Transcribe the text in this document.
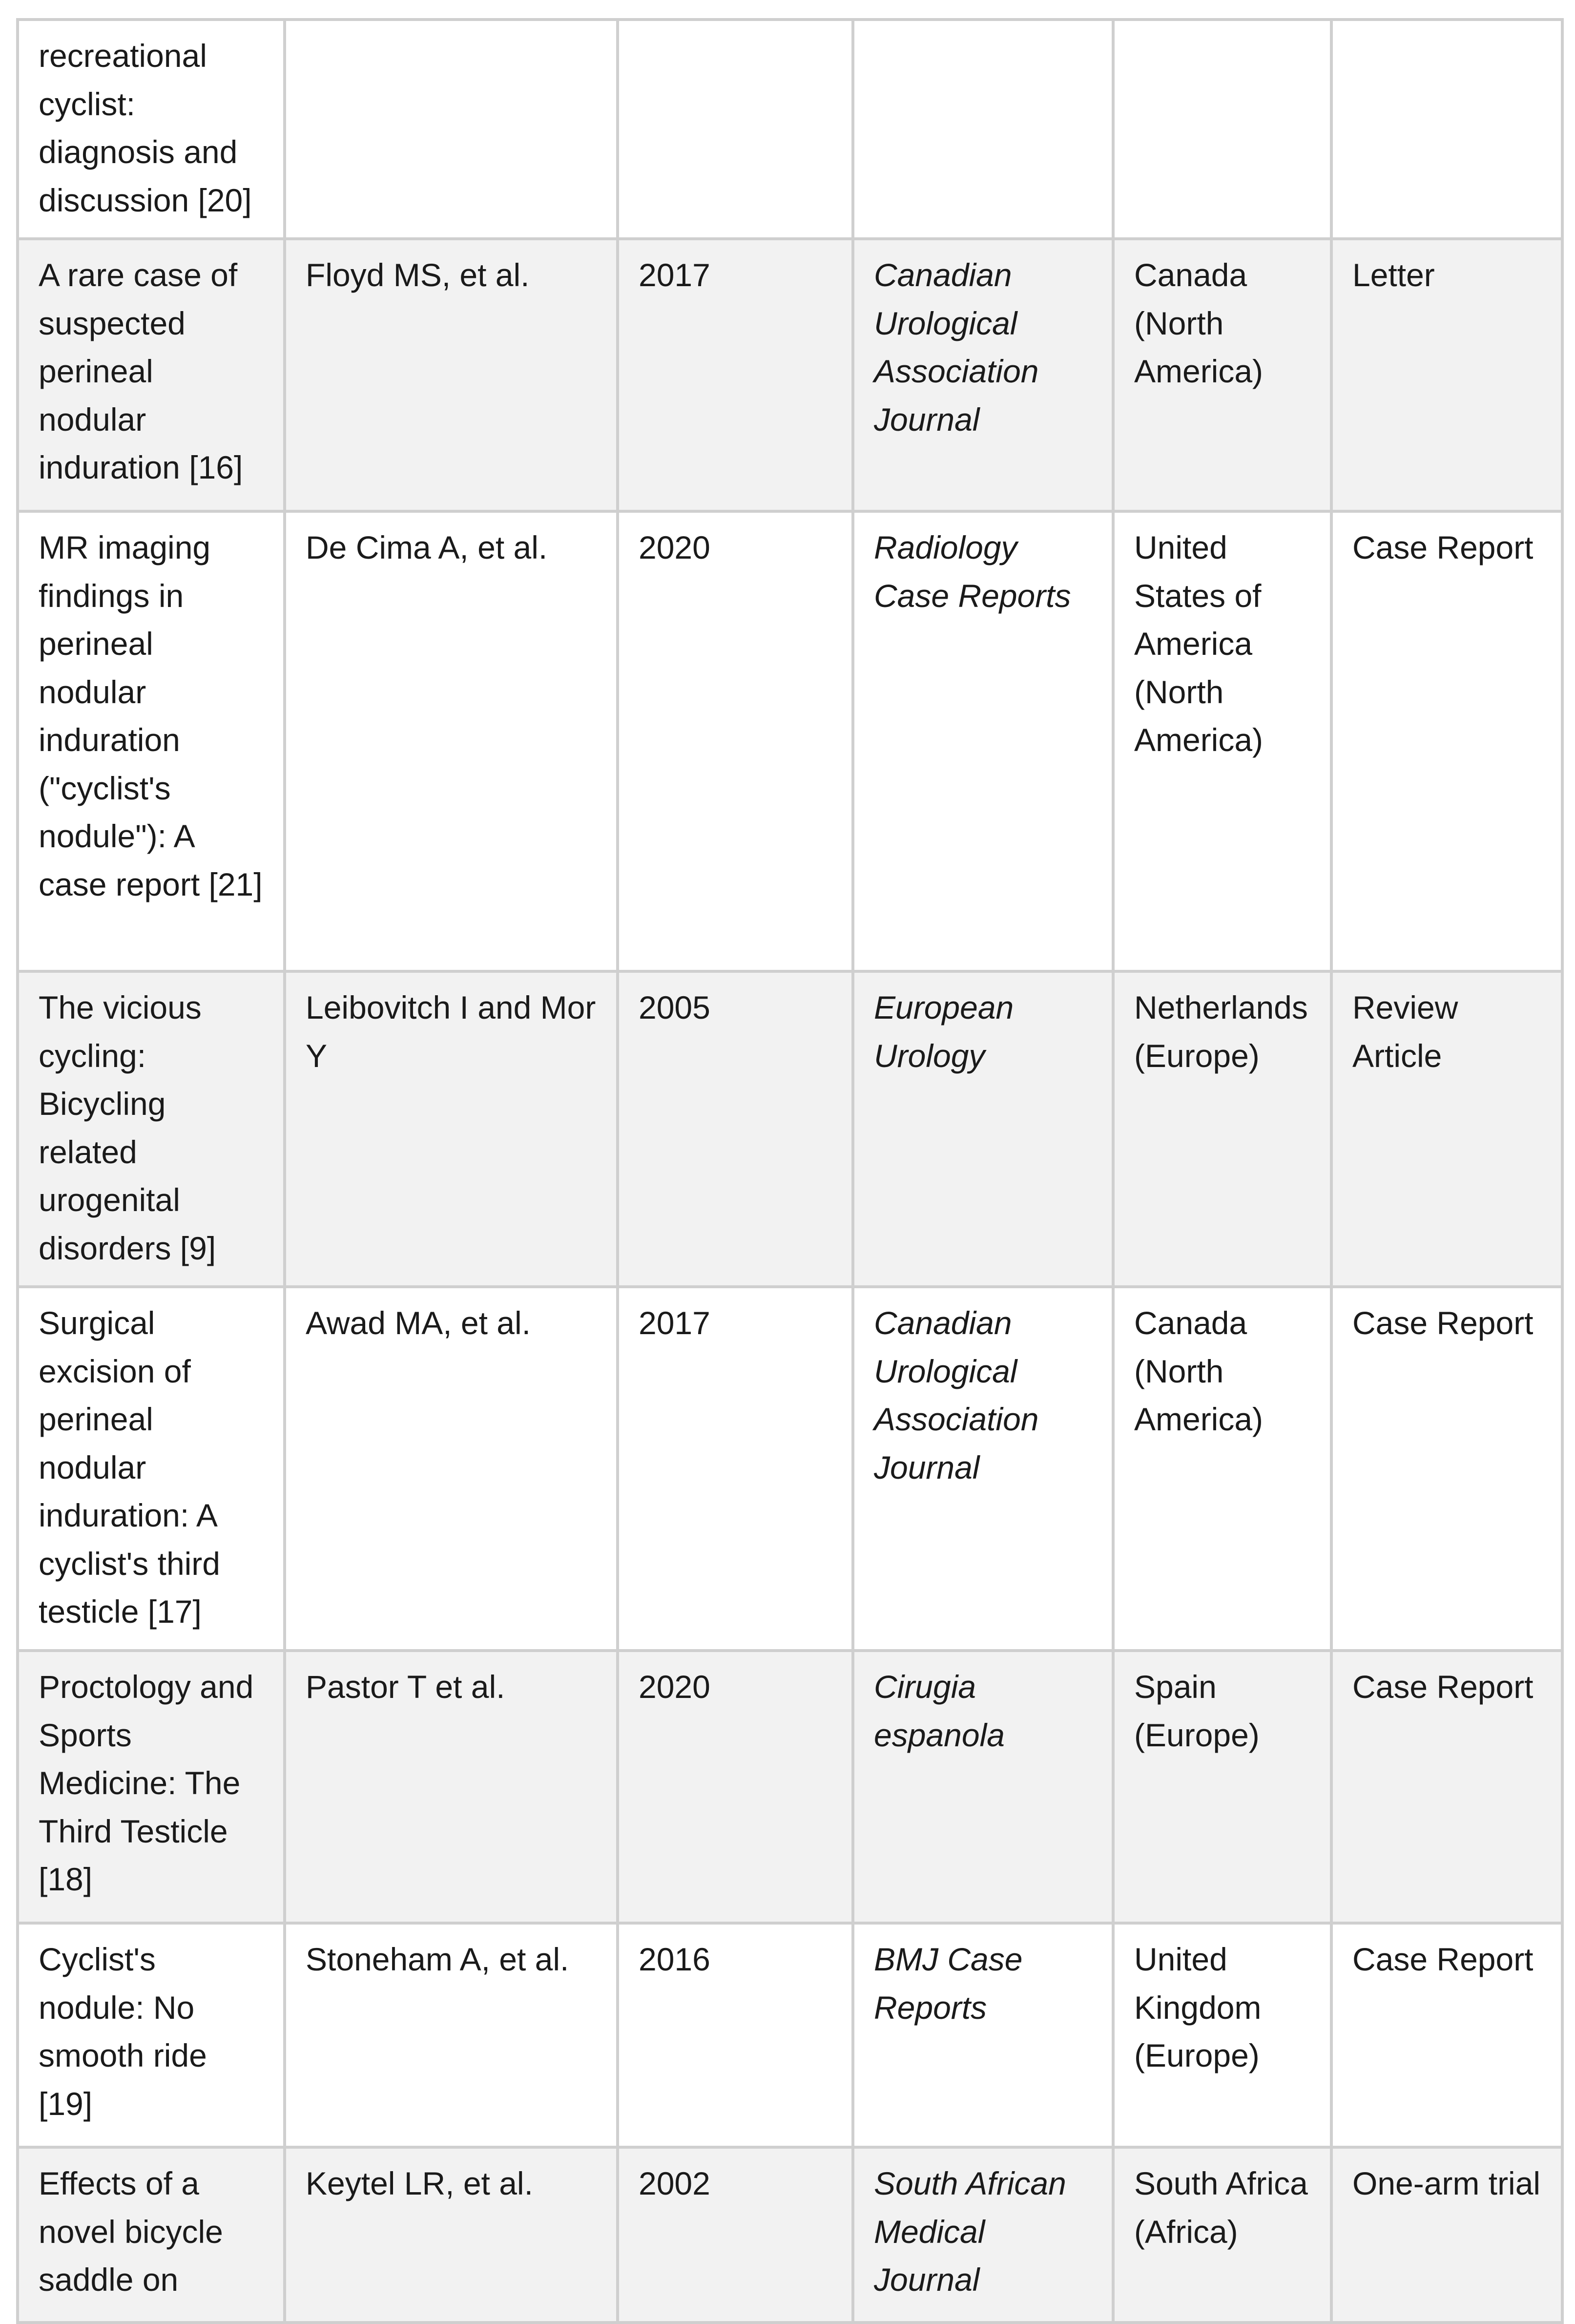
recreational cyclist: diagnosis and discussion [20]					
A rare case of suspected perineal nodular induration [16]	Floyd MS, et al.	2017	Canadian Urological Association Journal	Canada (North America)	Letter
MR imaging findings in perineal nodular induration ("cyclist's nodule"): A case report [21]	De Cima A, et al.	2020	Radiology Case Reports	United States of America (North America)	Case Report
The vicious cycling: Bicycling related urogenital disorders [9]	Leibovitch I and Mor Y	2005	European Urology	Netherlands (Europe)	Review Article
Surgical excision of perineal nodular induration: A cyclist's third testicle [17]	Awad MA, et al.	2017	Canadian Urological Association Journal	Canada (North America)	Case Report
Proctology and Sports Medicine: The Third Testicle [18]	Pastor T et al.	2020	Cirugia espanola	Spain (Europe)	Case Report
Cyclist's nodule: No smooth ride [19]	Stoneham A, et al.	2016	BMJ Case Reports	United Kingdom (Europe)	Case Report
Effects of a novel bicycle saddle on	Keytel LR, et al.	2002	South African Medical Journal	South Africa (Africa)	One-arm trial
